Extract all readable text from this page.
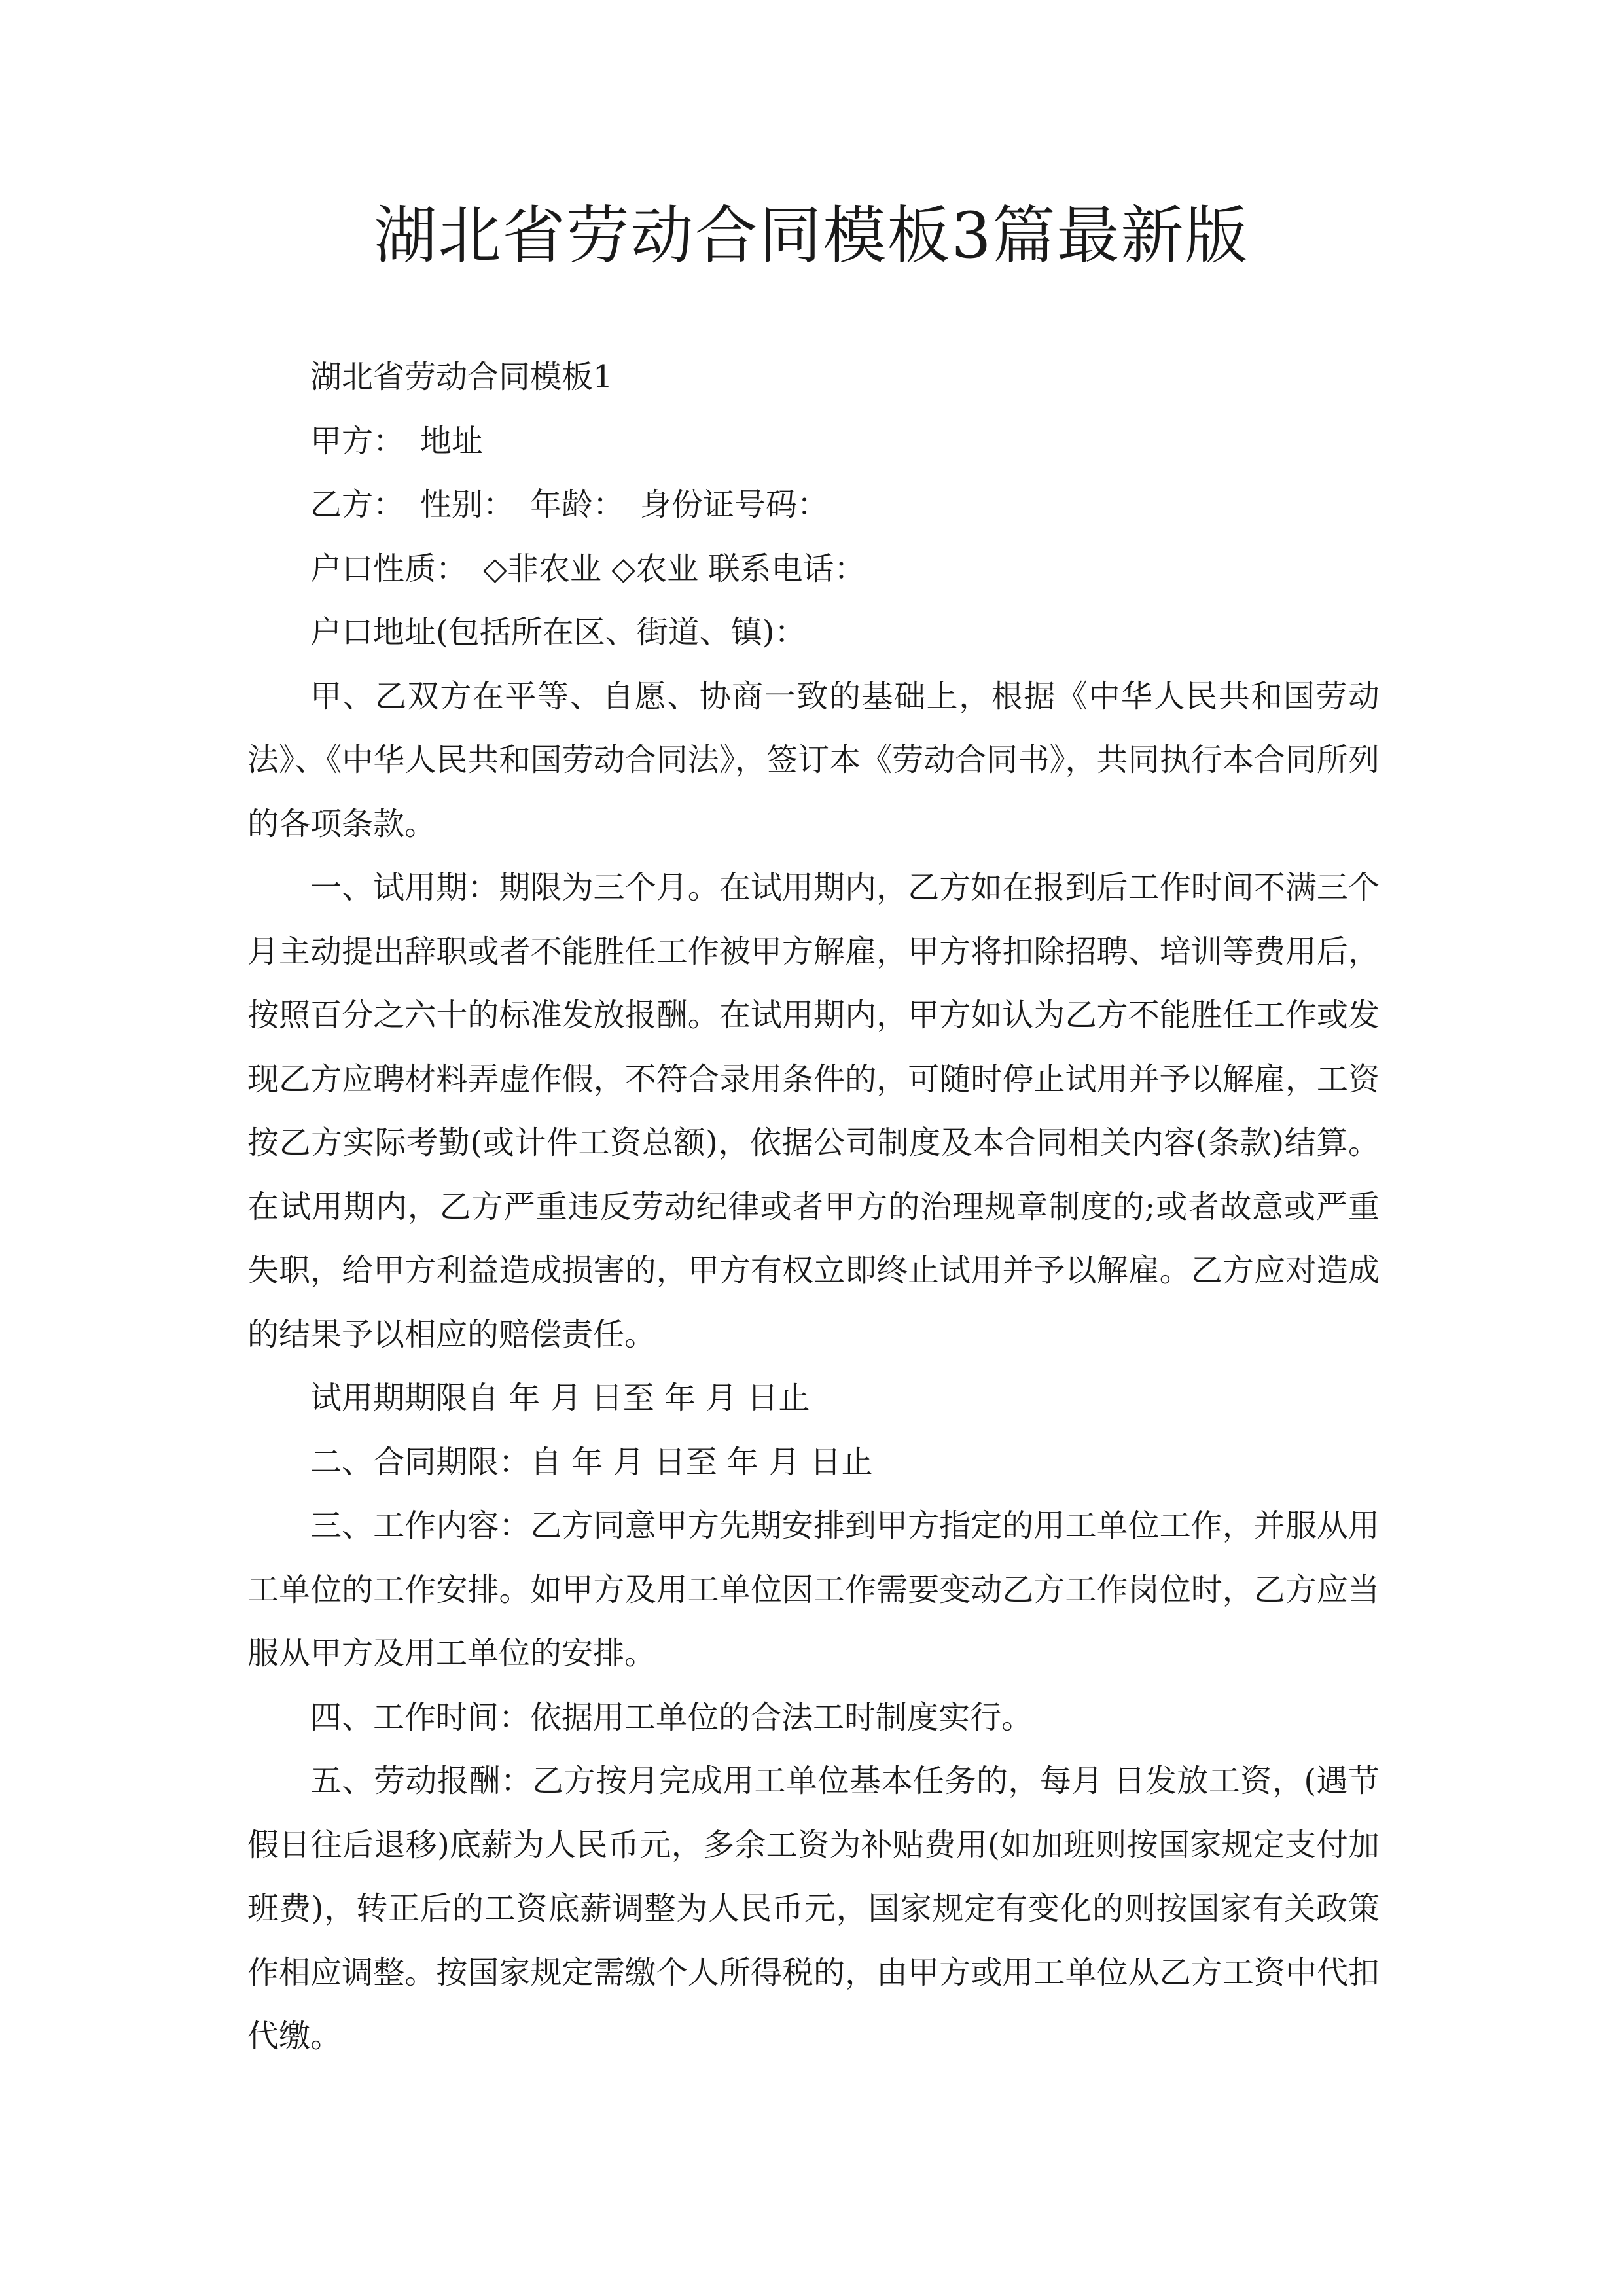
湖北省劳动合同模板3篇最新版

湖北省劳动合同模板1

甲方：　地址

乙方：　性别：　年龄：　身份证号码：

户口性质：　◇非农业 ◇农业 联系电话：

户口地址(包括所在区、街道、镇)：

甲、乙双方在平等、自愿、协商一致的基础上，根据《中华人民共和国劳动法》、《中华人民共和国劳动合同法》，签订本《劳动合同书》，共同执行本合同所列的各项条款。

一、试用期：期限为三个月。在试用期内，乙方如在报到后工作时间不满三个月主动提出辞职或者不能胜任工作被甲方解雇，甲方将扣除招聘、培训等费用后，按照百分之六十的标准发放报酬。在试用期内，甲方如认为乙方不能胜任工作或发现乙方应聘材料弄虚作假，不符合录用条件的，可随时停止试用并予以解雇，工资按乙方实际考勤(或计件工资总额)，依据公司制度及本合同相关内容(条款)结算。在试用期内，乙方严重违反劳动纪律或者甲方的治理规章制度的;或者故意或严重失职，给甲方利益造成损害的，甲方有权立即终止试用并予以解雇。乙方应对造成的结果予以相应的赔偿责任。

试用期期限自 年 月 日至 年 月 日止

二、合同期限：自 年 月 日至 年 月 日止

三、工作内容：乙方同意甲方先期安排到甲方指定的用工单位工作，并服从用工单位的工作安排。如甲方及用工单位因工作需要变动乙方工作岗位时，乙方应当服从甲方及用工单位的安排。

四、工作时间：依据用工单位的合法工时制度实行。

五、劳动报酬：乙方按月完成用工单位基本任务的，每月 日发放工资，(遇节假日往后退移)底薪为人民币元，多余工资为补贴费用(如加班则按国家规定支付加班费)，转正后的工资底薪调整为人民币元，国家规定有变化的则按国家有关政策作相应调整。按国家规定需缴个人所得税的，由甲方或用工单位从乙方工资中代扣代缴。
